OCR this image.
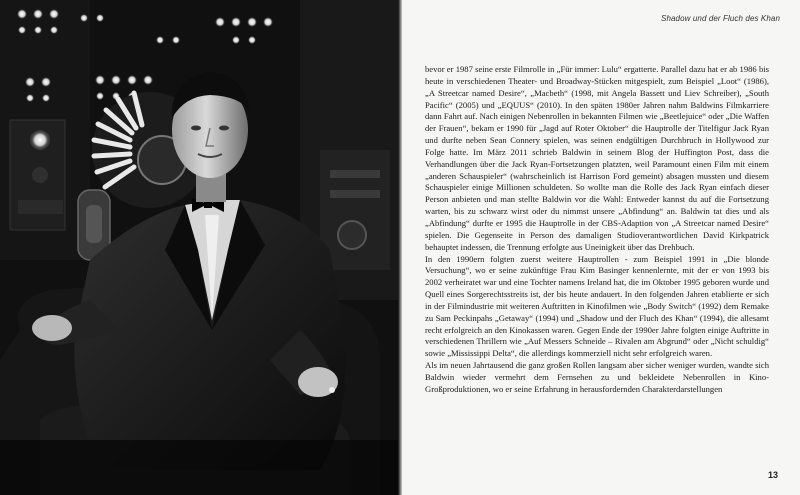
Shadow und der Fluch des Khan

bevor er 1987 seine erste Filmrolle in „Für immer: Lulu“ ergatterte. Parallel dazu hat er ab 1986 bis heute in verschiedenen Theater- und Broadway-Stücken mitgespielt, zum Beispiel „Loot“ (1986), „A Streetcar named Desire“, „Macbeth“ (1998, mit Angela Bassett und Liev Schreiber), „South Pacific“ (2005) und „EQUUS“ (2010). In den späten 1980er Jahren nahm Baldwins Filmkarriere dann Fahrt auf. Nach einigen Nebenrollen in bekannten Filmen wie „Beetlejuice“ oder „Die Waffen der Frauen“, bekam er 1990 für „Jagd auf Roter Oktober“ die Hauptrolle der Titelfigur Jack Ryan und durfte neben Sean Connery spielen, was seinen endgültigen Durchbruch in Hollywood zur Folge hatte. Im März 2011 schrieb Baldwin in seinem Blog der Huffington Post, dass die Verhandlungen über die Jack Ryan-Fortsetzungen platzten, weil Paramount einen Film mit einem „anderen Schauspieler“ (wahrscheinlich ist Harrison Ford gemeint) absagen mussten und diesem Schauspieler einige Millionen schuldeten. So wollte man die Rolle des Jack Ryan einfach dieser Person anbieten und man stellte Baldwin vor die Wahl: Entweder kannst du auf die Fortsetzung warten, bis zu schwarz wirst oder du nimmst unsere „Abfindung“ an. Baldwin tat dies und als „Abfindung“ durfte er 1995 die Hauptrolle in der CBS-Adaption von „A Streetcar named Desire“ spielen. Die Gegenseite in Person des damaligen Studioverantwortlichen David Kirkpatrick behauptet indessen, die Trennung erfolgte aus Uneinigkeit über das Drehbuch.

In den 1990ern folgten zuerst weitere Hauptrollen - zum Beispiel 1991 in „Die blonde Versuchung“, wo er seine zukünftige Frau Kim Basinger kennenlernte, mit der er von 1993 bis 2002 verheiratet war und eine Tochter namens Ireland hat, die im Oktober 1995 geboren wurde und Quell eines Sorgerechtsstreits ist, der bis heute andauert. In den folgenden Jahren etablierte er sich in der Filmindustrie mit weiteren Auftritten in Kinofilmen wie „Body Switch“ (1992) dem Remake zu Sam Peckinpahs „Getaway“ (1994) und „Shadow und der Fluch des Khan“ (1994), die allesamt recht erfolgreich an den Kinokassen waren. Gegen Ende der 1990er Jahre folgten einige Auftritte in verschiedenen Thrillern wie „Auf Messers Schneide – Rivalen am Abgrund“ oder „Nicht schuldig“ sowie „Mississippi Delta“, die allerdings kommerziell nicht sehr erfolgreich waren.

Als im neuen Jahrtausend die ganz großen Rollen langsam aber sicher weniger wurden, wandte sich Baldwin wieder vermehrt dem Fernsehen zu und bekleidete Nebenrollen in Kino-Großproduktionen, wo er seine Erfahrung in herausfordernden Charakterdarstellungen

13
